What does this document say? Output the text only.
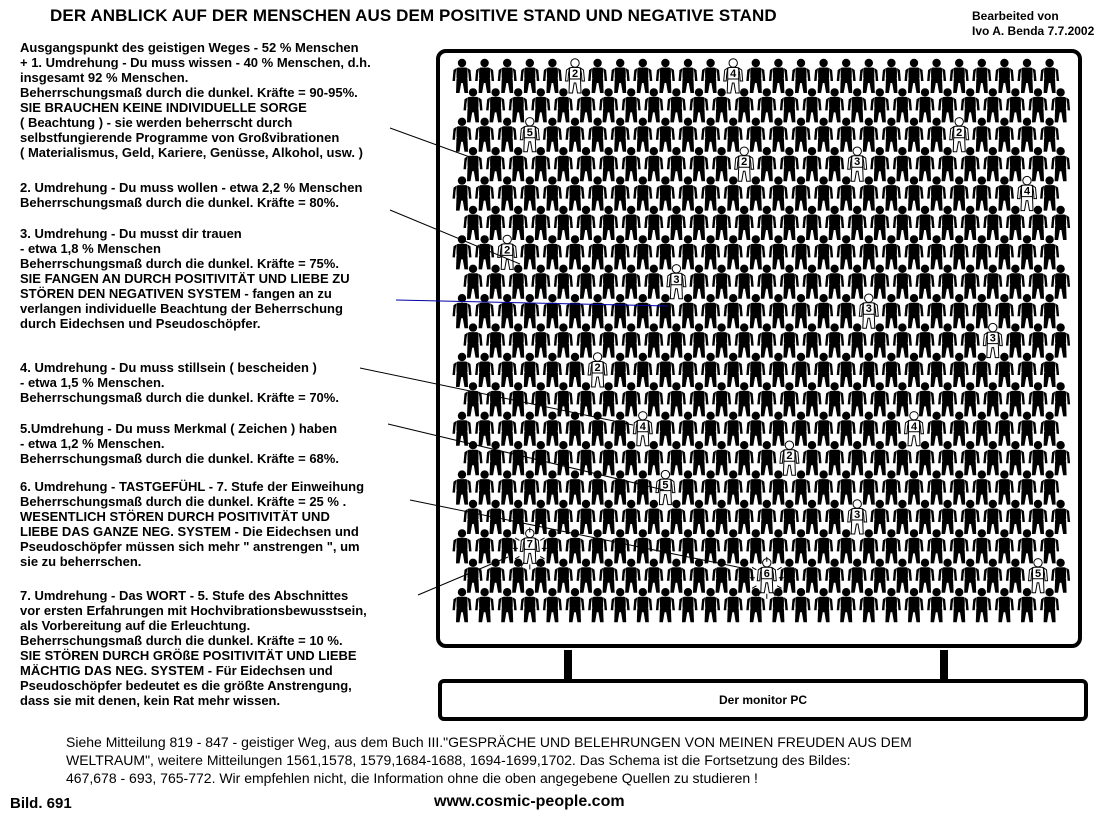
DER ANBLICK AUF DER MENSCHEN AUS DEM POSITIVE STAND UND NEGATIVE STAND	Bearbeited von
Ivo A. Benda 7.7.2002
Ausgangspunkt des geistigen Weges - 52 % Menschen
+ 1. Umdrehung - Du muss wissen - 40 % Menschen, d.h.
insgesamt 92 % Menschen.
Beherrschungsmaß durch die dunkel. Kräfte = 90-95%.
SIE BRAUCHEN KEINE INDIVIDUELLE SORGE
( Beachtung ) - sie werden beherrscht durch
selbstfungierende Programme von Großvibrationen
( Materialismus, Geld, Kariere, Genüsse, Alkohol, usw. )
2. Umdrehung - Du muss wollen - etwa 2,2 % Menschen
Beherrschungsmaß durch die dunkel. Kräfte = 80%.
3. Umdrehung - Du musst dir trauen
- etwa 1,8 % Menschen
Beherrschungsmaß durch die dunkel. Kräfte = 75%.
SIE FANGEN AN DURCH POSITIVITÄT UND LIEBE ZU
STÖREN DEN NEGATIVEN SYSTEM - fangen an zu
verlangen individuelle Beachtung der Beherrschung
durch Eidechsen und Pseudoschöpfer.
4. Umdrehung - Du muss stillsein ( bescheiden )
- etwa 1,5 % Menschen.
Beherrschungsmaß durch die dunkel. Kräfte = 70%.
5.Umdrehung - Du muss Merkmal ( Zeichen ) haben
- etwa 1,2 % Menschen.
Beherrschungsmaß durch die dunkel. Kräfte = 68%.
6. Umdrehung - TASTGEFÜHL - 7. Stufe der Einweihung
Beherrschungsmaß durch die dunkel. Kräfte = 25 % .
WESENTLICH STÖREN DURCH POSITIVITÄT UND
LIEBE DAS GANZE NEG. SYSTEM - Die Eidechsen und
Pseudoschöpfer müssen sich mehr " anstrengen ", um
sie zu beherrschen.
7. Umdrehung - Das WORT - 5. Stufe des Abschnittes
vor ersten Erfahrungen mit Hochvibrationsbewusstsein,
als Vorbereitung auf die Erleuchtung.
Beherrschungsmaß durch die dunkel. Kräfte = 10 %.
SIE STÖREN DURCH GRÖßE POSITIVITÄT UND LIEBE
MÄCHTIG DAS NEG. SYSTEM - Für Eidechsen und
Pseudoschöpfer bedeutet es die größte Anstrengung,
dass sie mit denen, kein Rat mehr wissen.	Der monitor PC
2	4
5	2
2	3
4
2
3
3
3
2
4	4
2
5
3
7
6	5
Siehe Mitteilung 819 - 847 - geistiger Weg, aus dem Buch III."GESPRÄCHE UND BELEHRUNGEN VON MEINEN FREUDEN AUS DEM
WELTRAUM", weitere Mitteilungen 1561,1578, 1579,1684-1688, 1694-1699,1702. Das Schema ist die Fortsetzung des Bildes:
467,678 - 693, 765-772. Wir empfehlen nicht, die Information ohne die oben angegebene Quellen zu studieren !
Bild. 691	www.cosmic-people.com
